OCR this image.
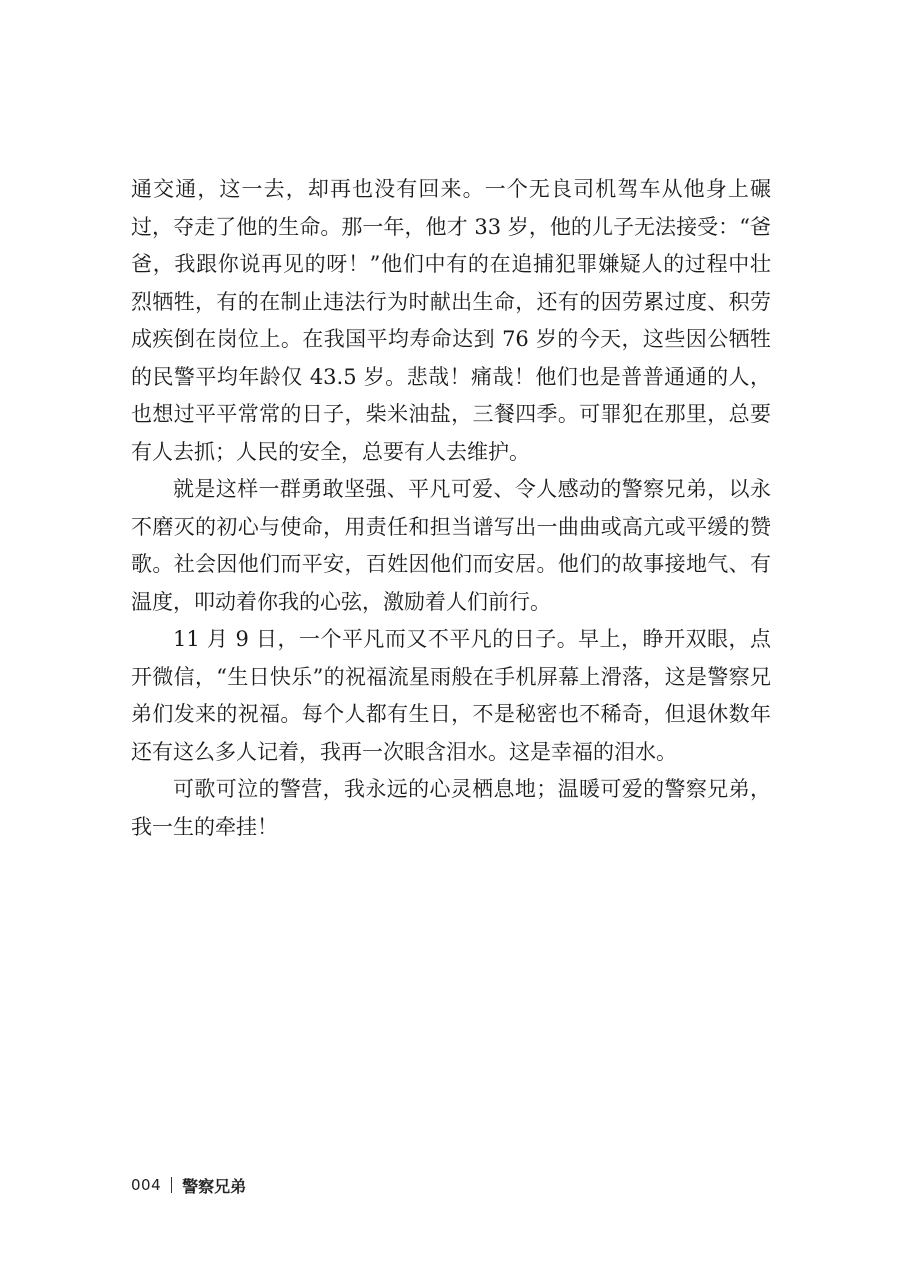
通交通，这一去，却再也没有回来。一个无良司机驾车从他身上碾过，夺走了他的生命。那一年，他才 33 岁，他的儿子无法接受：“爸爸，我跟你说再见的呀！”他们中有的在追捕犯罪嫌疑人的过程中壮烈牺牲，有的在制止违法行为时献出生命，还有的因劳累过度、积劳成疾倒在岗位上。在我国平均寿命达到 76 岁的今天，这些因公牺牲的民警平均年龄仅 43.5 岁。悲哉！痛哉！他们也是普普通通的人，也想过平平常常的日子，柴米油盐，三餐四季。可罪犯在那里，总要有人去抓；人民的安全，总要有人去维护。

就是这样一群勇敢坚强、平凡可爱、令人感动的警察兄弟，以永不磨灭的初心与使命，用责任和担当谱写出一曲曲或高亢或平缓的赞歌。社会因他们而平安，百姓因他们而安居。他们的故事接地气、有温度，叩动着你我的心弦，激励着人们前行。

11 月 9 日，一个平凡而又不平凡的日子。早上，睁开双眼，点开微信，“生日快乐”的祝福流星雨般在手机屏幕上滑落，这是警察兄弟们发来的祝福。每个人都有生日，不是秘密也不稀奇，但退休数年还有这么多人记着，我再一次眼含泪水。这是幸福的泪水。

可歌可泣的警营，我永远的心灵栖息地；温暖可爱的警察兄弟，我一生的牵挂！

004 警察兄弟
